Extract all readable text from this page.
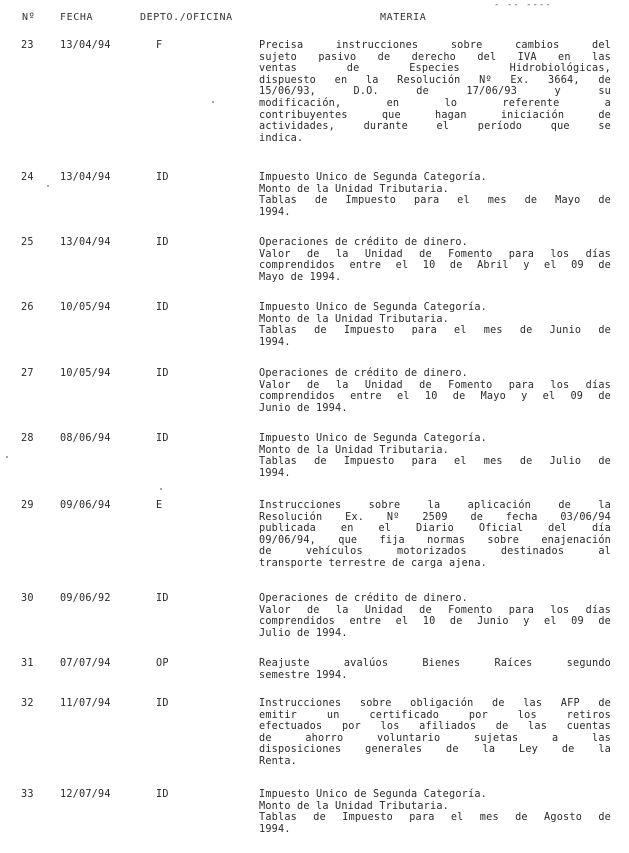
- -- ----
Nº FECHA	DEPTO./OFICINA	MATERIA
23	13/04/94	F	Precisa instrucciones sobre cambios del
sujeto pasivo de derecho del IVA en las
ventas de Especies Hidrobiológicas,
dispuesto en la Resolución Nº Ex. 3664, de
15/06/93, D.O. de 17/06/93 y su
modificación, en lo referente a
contribuyentes que hagan iniciación de
actividades, durante el período que se
indica.
24	13/04/94	ID	Impuesto Unico de Segunda Categoría.
Monto de la Unidad Tributaria.
Tablas de Impuesto para el mes de Mayo de
1994.
25	13/04/94	ID	Operaciones de crédito de dinero.
Valor de la Unidad de Fomento para los días
comprendidos entre el 10 de Abril y el 09 de
Mayo de 1994.
26	10/05/94	ID	Impuesto Unico de Segunda Categoría.
Monto de la Unidad Tributaria.
Tablas de Impuesto para el mes de Junio de
1994.
27	10/05/94	ID	Operaciones de crédito de dinero.
Valor de la Unidad de Fomento para los días
comprendidos entre el 10 de Mayo y el 09 de
Junio de 1994.
28	08/06/94	ID	Impuesto Unico de Segunda Categoría.
Monto de la Unidad Tributaria.
Tablas de Impuesto para el mes de Julio de
1994.
29	09/06/94	E	Instrucciones sobre la aplicación de la
Resolución Ex. Nº 2509 de fecha 03/06/94
publicada en el Diario Oficial del día
09/06/94, que fija normas sobre enajenación
de vehículos motorizados destinados al
transporte terrestre de carga ajena.
30	09/06/92	ID	Operaciones de crédito de dinero.
Valor de la Unidad de Fomento para los días
comprendidos entre el 10 de Junio y el 09 de
Julio de 1994.
31	07/07/94	OP	Reajuste avalúos Bienes Raíces segundo
semestre 1994.
32	11/07/94	ID	Instrucciones sobre obligación de las AFP de
emitir un certificado por los retiros
efectuados por los afiliados de las cuentas
de ahorro voluntario sujetas a las
disposiciones generales de la Ley de la
Renta.
33	12/07/94	ID	Impuesto Unico de Segunda Categoría.
Monto de la Unidad Tributaria.
Tablas de Impuesto para el mes de Agosto de
1994.
